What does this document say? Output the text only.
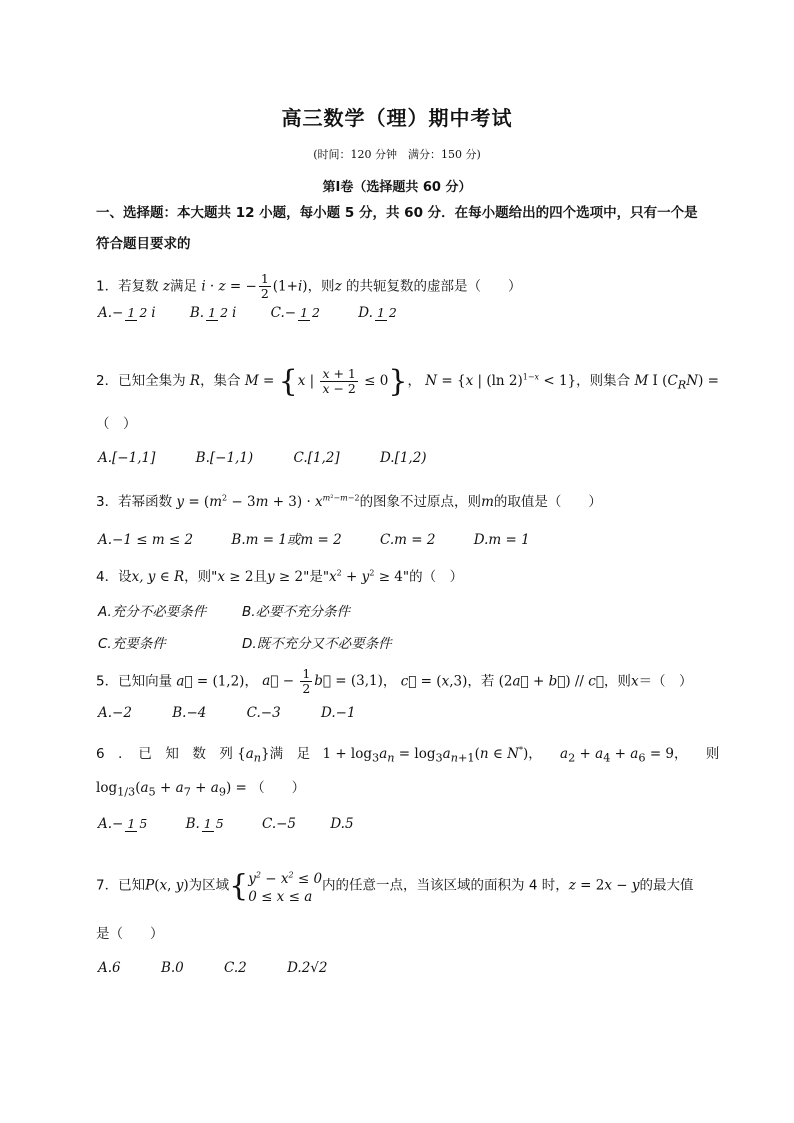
高三数学（理）期中考试
(时间：120 分钟　满分：150 分)
第Ⅰ卷（选择题共 60 分）
一、选择题：本大题共 12 小题，每小题 5 分，共 60 分．在每小题给出的四个选项中，只有一个是
符合题目要求的
1．若复数 z满足 i · z = − $\frac{1}{2} (1+i)$，则z 的共轭复数的虚部是（　　）
A.− 1 2 i	B. 1 2 i	C.− 1 2	D. 1 2
2．已知全集为 R，集合 M = {x | $\frac{x + 1}{x - 2} \le 0$}， N = {x | (ln 2)$^{1-x}$ < 1}，则集合 M I $(C_RN)$ =
（　）
A.[−1,1]	B.[−1,1)	C.[1,2]	D.[1,2)
3．若幂函数 $y = (m^2 - 3m + 3) \cdot x^{m^2-m-2}$的图象不过原点，则m的取值是（　　）
A.−1 ≤ m ≤ 2	B.m = 1或m = 2	C.m = 2	D.m = 1
4．设x, y ∈ R，则"x ≥ 2且y ≥ 2"是"$x^2 + y^2 \ge 4$"的（　）
A.充分不必要条件	B.必要不充分条件
C.充要条件	D.既不充分又不必要条件
5．已知向量 a⃗ = (1,2)， a⃗ − $\frac{1}{2}$ b⃗ = (3,1)， c⃗ = (x,3)，若 (2a⃗ + b⃗) // c⃗，则x＝（　）
A.−2	B.−4	C.−3	D.−1
6　．　已　知　数　列 $\{a_n\}$满　足 $1 + \log_3a_n = \log_3a_{n+1}(n$ ∈ N*)， $a_2 + a_4 + a_6 = 9$， 则
$\log_{1/3}(a_5 + a_7 + a_9)$ = （　　）
A.− 1 5	B. 1 5	C.−5	D.5
7．已知P(x, y)为区域{$y^2 - x^2 \le 0$
0 ≤ x ≤ a内的任意一点，当该区域的面积为 4 时，z = 2x − y的最大值
是（　　）
A.6	B.0	C.2	D.2√2
